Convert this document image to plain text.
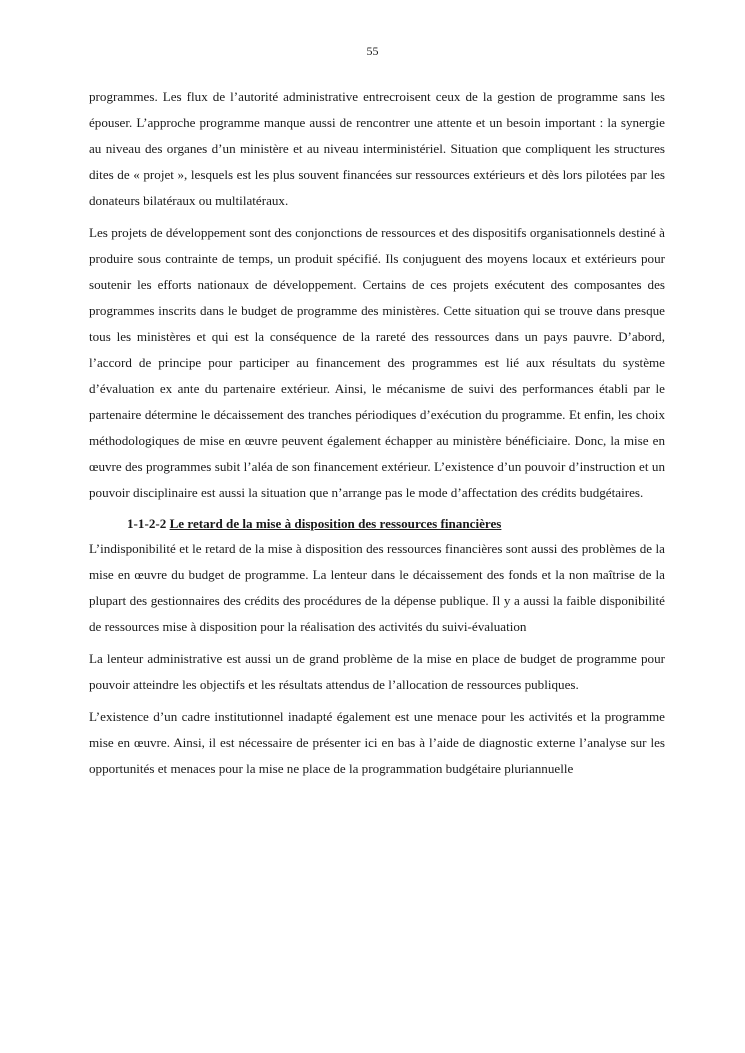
55

programmes. Les flux de l’autorité administrative entrecroisent ceux de la gestion de programme sans les épouser. L’approche programme manque aussi de rencontrer une attente et un besoin important : la synergie au niveau des organes d’un ministère et au niveau interministériel. Situation que compliquent les structures dites de « projet », lesquels est les plus souvent financées sur ressources extérieurs et dès lors pilotées par les donateurs bilatéraux ou multilatéraux.

Les projets de développement sont des conjonctions de ressources et des dispositifs organisationnels destiné à produire sous contrainte de temps, un produit spécifié. Ils conjuguent des moyens locaux et extérieurs pour soutenir les efforts nationaux de développement. Certains de ces projets exécutent des composantes des programmes inscrits dans le budget de programme des ministères. Cette situation qui se trouve dans presque tous les ministères et qui est la conséquence de la rareté des ressources dans un pays pauvre. D’abord, l’accord de principe pour participer au financement des programmes est lié aux résultats du système d’évaluation ex ante du partenaire extérieur. Ainsi, le mécanisme de suivi des performances établi par le partenaire détermine le décaissement des tranches périodiques d’exécution du programme. Et enfin, les choix méthodologiques de mise en œuvre peuvent également échapper au ministère bénéficiaire. Donc, la mise en œuvre des programmes subit l’aléa de son financement extérieur. L’existence d’un pouvoir d’instruction et un pouvoir disciplinaire est aussi la situation que n’arrange pas le mode d’affectation des crédits budgétaires.

1-1-2-2 Le retard de la mise à disposition des ressources financières

L’indisponibilité et le retard de la mise à disposition des ressources financières sont aussi des problèmes de la mise en œuvre du budget de programme. La lenteur dans le décaissement des fonds et la non maîtrise de la plupart des gestionnaires des crédits des procédures de la dépense publique. Il y a aussi la faible disponibilité de ressources mise à disposition pour la réalisation des activités du suivi-évaluation

La lenteur administrative est aussi un de grand problème de la mise en place de budget de programme pour pouvoir atteindre les objectifs et les résultats attendus de l’allocation de ressources publiques.

L’existence d’un cadre institutionnel inadapté également est une menace pour les activités et la programme mise en œuvre. Ainsi, il est nécessaire de présenter ici en bas à l’aide de diagnostic externe l’analyse sur les opportunités et menaces pour la mise ne place de la programmation budgétaire pluriannuelle
